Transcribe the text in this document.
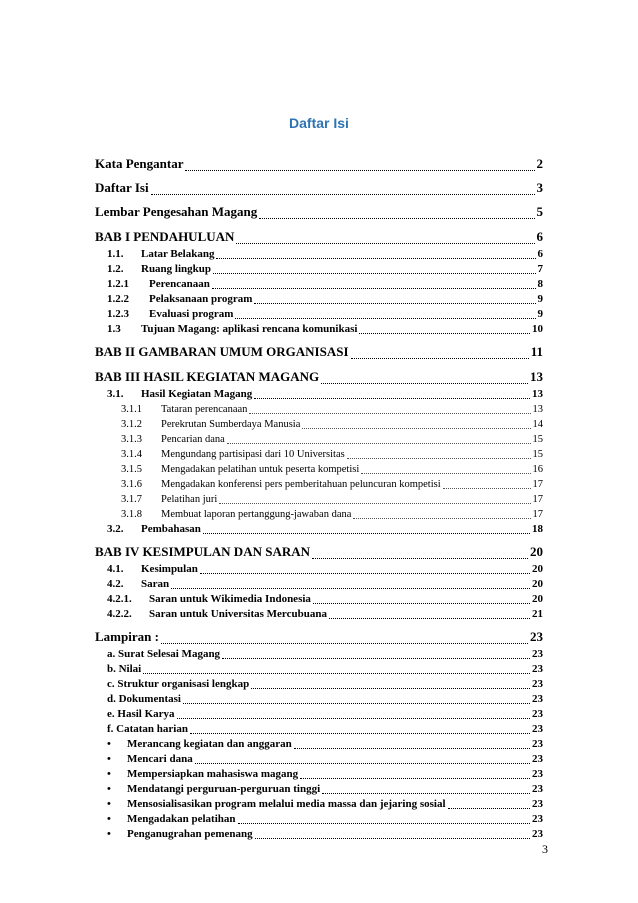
Daftar Isi
Kata Pengantar	2
Daftar Isi	3
Lembar Pengesahan Magang	5
BAB I PENDAHULUAN	6
1.1.	Latar Belakang	6
1.2.	Ruang lingkup	7
1.2.1	Perencanaan	8
1.2.2	Pelaksanaan program	9
1.2.3	Evaluasi program	9
1.3	Tujuan Magang: aplikasi rencana komunikasi	10
BAB II GAMBARAN UMUM ORGANISASI	11
BAB III HASIL KEGIATAN MAGANG	13
3.1.	Hasil Kegiatan Magang	13
3.1.1	Tataran perencanaan	13
3.1.2	Perekrutan Sumberdaya Manusia	14
3.1.3	Pencarian dana	15
3.1.4	Mengundang partisipasi dari 10 Universitas	15
3.1.5	Mengadakan pelatihan untuk peserta kompetisi	16
3.1.6	Mengadakan konferensi pers pemberitahuan peluncuran kompetisi	17
3.1.7	Pelatihan juri	17
3.1.8	Membuat laporan pertanggung-jawaban dana	17
3.2.	Pembahasan	18
BAB IV KESIMPULAN DAN SARAN	20
4.1.	Kesimpulan	20
4.2.	Saran	20
4.2.1.	Saran untuk Wikimedia Indonesia	20
4.2.2.	Saran untuk Universitas Mercubuana	21
Lampiran :	23
a. Surat Selesai Magang	23
b. Nilai	23
c. Struktur organisasi lengkap	23
d. Dokumentasi	23
e. Hasil Karya	23
f. Catatan harian	23
•	Merancang kegiatan dan anggaran	23
•	Mencari dana	23
•	Mempersiapkan mahasiswa magang	23
•	Mendatangi perguruan-perguruan tinggi	23
•	Mensosialisasikan program melalui media massa dan jejaring sosial	23
•	Mengadakan pelatihan	23
•	Penganugrahan pemenang	23
3
